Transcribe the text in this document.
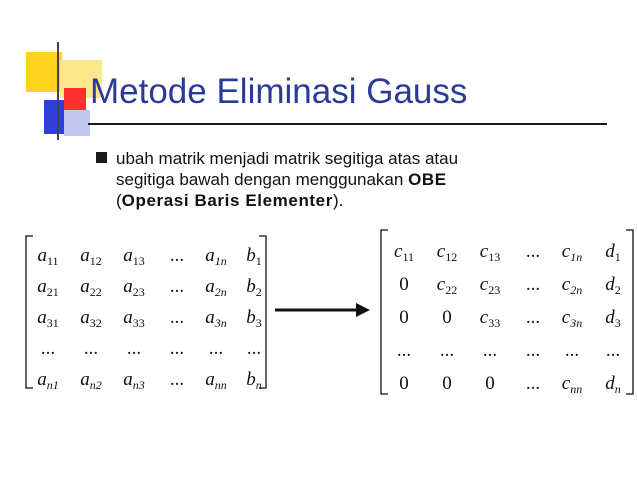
Metode Eliminasi Gauss
ubah matrik menjadi matrik segitiga atas atau
segitiga bawah dengan menggunakan OBE
(Operasi Baris Elementer).
$a_{11}$ $a_{12}$ $a_{13}$ ... $a_{1n}$ $b_1$
$a_{21}$ $a_{22}$ $a_{23}$ ... $a_{2n}$ $b_2$
$a_{31}$ $a_{32}$ $a_{33}$ ... $a_{3n}$ $b_3$
... ... ... ... ... ...
$a_{n1}$ $a_{n2}$ $a_{n3}$ ... $a_{nn}$ $b_n$
$c_{11}$ $c_{12}$ $c_{13}$ ... $c_{1n}$ $d_1$
0 $c_{22}$ $c_{23}$ ... $c_{2n}$ $d_2$
0 0 $c_{33}$ ... $c_{3n}$ $d_3$
... ... ... ... ... ...
0 0 0 ... $c_{nn}$ $d_n$
